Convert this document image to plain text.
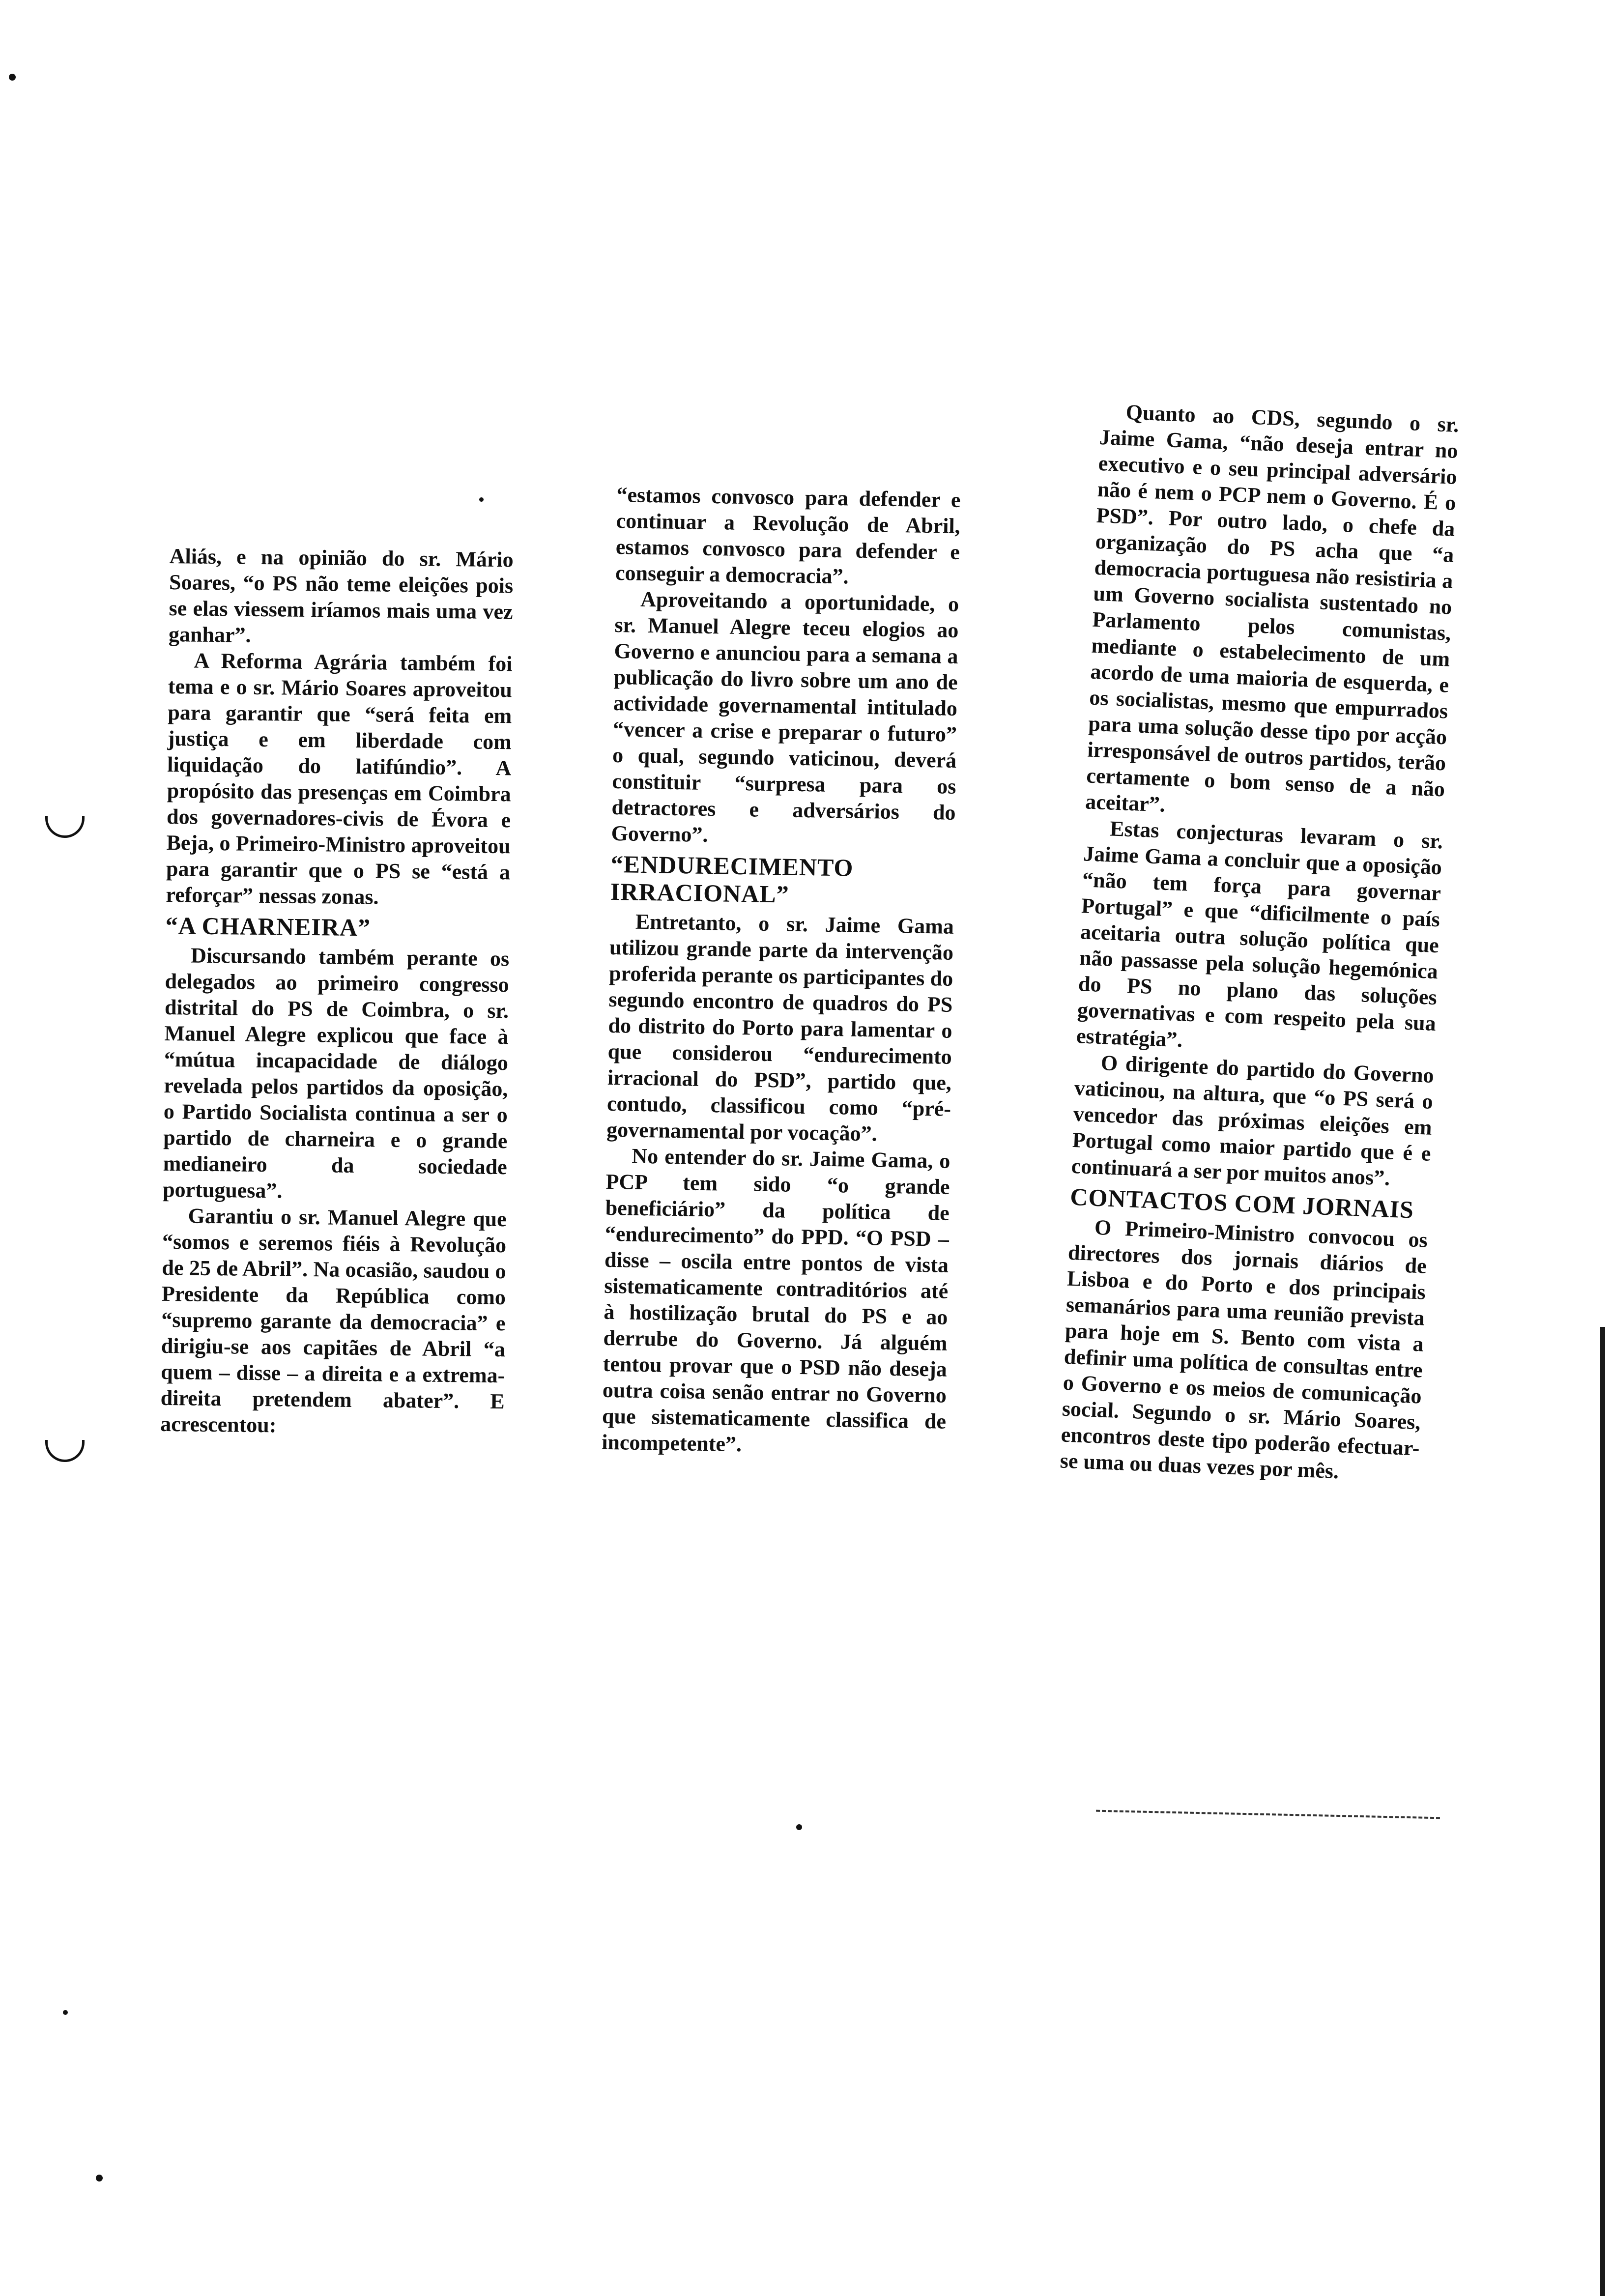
Aliás, e na opinião do sr. Mário Soares, “o PS não teme eleições pois se elas viessem iríamos mais uma vez ganhar”.

A Reforma Agrária também foi tema e o sr. Mário Soares aproveitou para garantir que “será feita em justiça e em liberdade com liquidação do latifúndio”. A propósito das presenças em Coimbra dos governadores-civis de Évora e Beja, o Primeiro-Ministro aproveitou para garantir que o PS se “está a reforçar” nessas zonas.

“A CHARNEIRA”

Discursando também perante os delegados ao primeiro congresso distrital do PS de Coimbra, o sr. Manuel Alegre explicou que face à “mútua incapacidade de diálogo revelada pelos partidos da oposição, o Partido Socialista continua a ser o partido de charneira e o grande medianeiro da sociedade portuguesa”.

Garantiu o sr. Manuel Alegre que “somos e seremos fiéis à Revolução de 25 de Abril”. Na ocasião, saudou o Presidente da República como “supremo garante da democracia” e dirigiu-se aos capitães de Abril “a quem – disse – a direita e a extrema-direita pretendem abater”. E acrescentou:

“estamos convosco para defender e continuar a Revolução de Abril, estamos convosco para defender e conseguir a democracia”.

Aproveitando a oportunidade, o sr. Manuel Alegre teceu elogios ao Governo e anunciou para a semana a publicação do livro sobre um ano de actividade governamental intitulado “vencer a crise e preparar o futuro” o qual, segundo vaticinou, deverá constituir “surpresa para os detractores e adversários do Governo”.

“ENDURECIMENTO IRRACIONAL”

Entretanto, o sr. Jaime Gama utilizou grande parte da intervenção proferida perante os participantes do segundo encontro de quadros do PS do distrito do Porto para lamentar o que considerou “endurecimento irracional do PSD”, partido que, contudo, classificou como “pré-governamental por vocação”.

No entender do sr. Jaime Gama, o PCP tem sido “o grande beneficiário” da política de “endurecimento” do PPD. “O PSD – disse – oscila entre pontos de vista sistematicamente contraditórios até à hostilização brutal do PS e ao derrube do Governo. Já alguém tentou provar que o PSD não deseja outra coisa senão entrar no Governo que sistematicamente classifica de incompetente”.

Quanto ao CDS, segundo o sr. Jaime Gama, “não deseja entrar no executivo e o seu principal adversário não é nem o PCP nem o Governo. É o PSD”. Por outro lado, o chefe da organização do PS acha que “a democracia portuguesa não resistiria a um Governo socialista sustentado no Parlamento pelos comunistas, mediante o estabelecimento de um acordo de uma maioria de esquerda, e os socialistas, mesmo que empurrados para uma solução desse tipo por acção irresponsável de outros partidos, terão certamente o bom senso de a não aceitar”.

Estas conjecturas levaram o sr. Jaime Gama a concluir que a oposição “não tem força para governar Portugal” e que “dificilmente o país aceitaria outra solução política que não passasse pela solução hegemónica do PS no plano das soluções governativas e com respeito pela sua estratégia”.

O dirigente do partido do Governo vaticinou, na altura, que “o PS será o vencedor das próximas eleições em Portugal como maior partido que é e continuará a ser por muitos anos”.

CONTACTOS COM JORNAIS

O Primeiro-Ministro convocou os directores dos jornais diários de Lisboa e do Porto e dos principais semanários para uma reunião prevista para hoje em S. Bento com vista a definir uma política de consultas entre o Governo e os meios de comunicação social. Segundo o sr. Mário Soares, encontros deste tipo poderão efectuar-se uma ou duas vezes por mês.
